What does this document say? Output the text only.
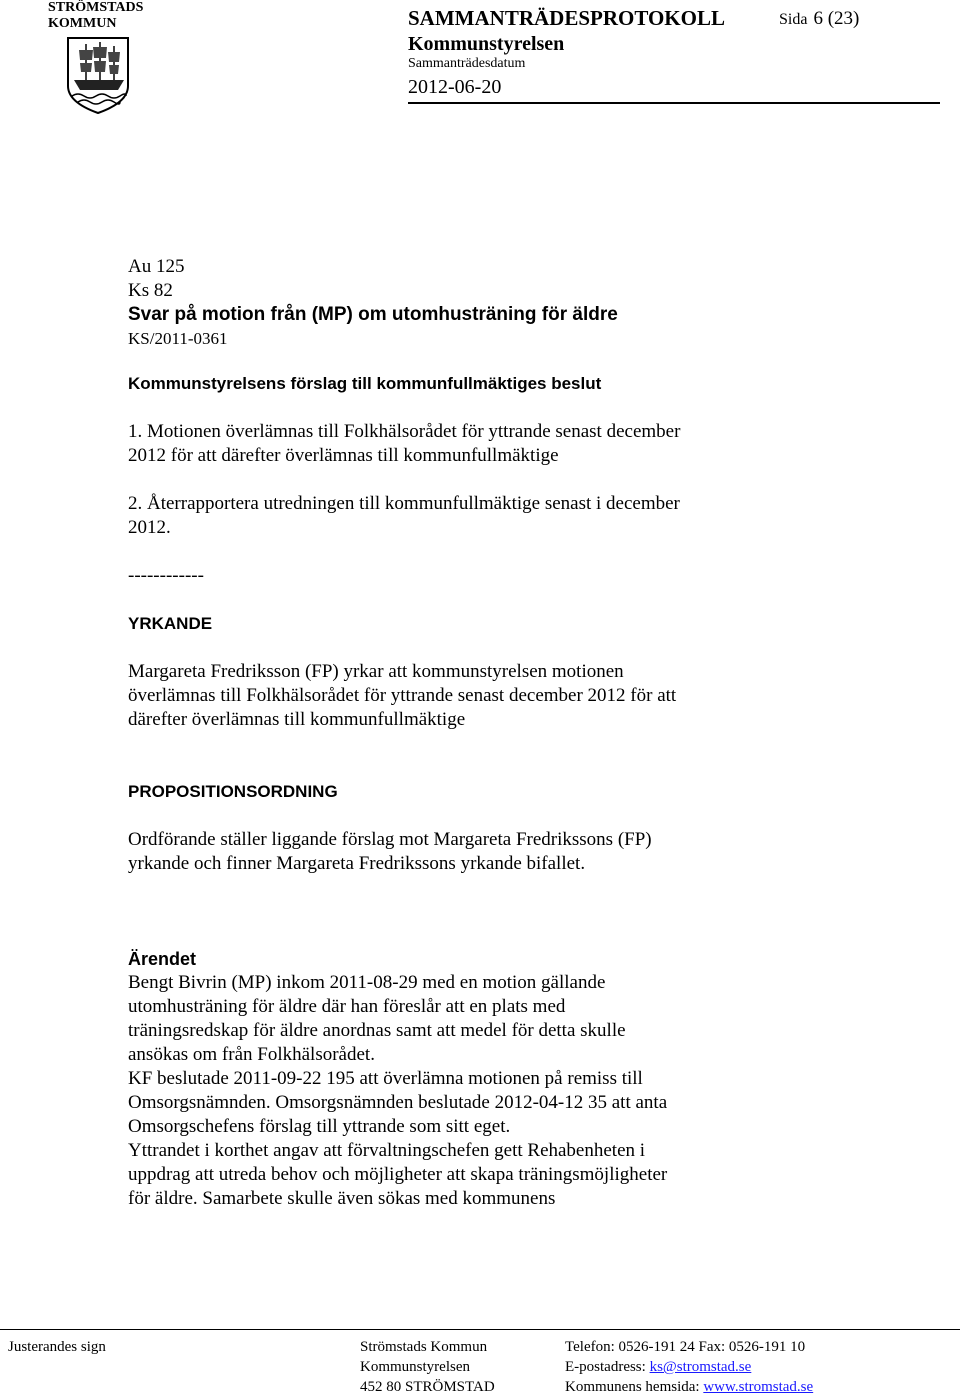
STRÖMSTADS
KOMMUN	SAMMANTRÄDESPROTOKOLL	Sida 6 (23)
Kommunstyrelsen
Sammanträdesdatum
2012-06-20
Au 125
Ks 82
Svar på motion från (MP) om utomhusträning för äldre
KS/2011-0361
Kommunstyrelsens förslag till kommunfullmäktiges beslut
1. Motionen överlämnas till Folkhälsorådet för yttrande senast december
2012 för att därefter överlämnas till kommunfullmäktige
2. Återrapportera utredningen till kommunfullmäktige senast i december
2012.
------------
YRKANDE
Margareta Fredriksson (FP) yrkar att kommunstyrelsen motionen
överlämnas till Folkhälsorådet för yttrande senast december 2012 för att
därefter överlämnas till kommunfullmäktige
PROPOSITIONSORDNING
Ordförande ställer liggande förslag mot Margareta Fredrikssons (FP)
yrkande och finner Margareta Fredrikssons yrkande bifallet.
Ärendet
Bengt Bivrin (MP) inkom 2011-08-29 med en motion gällande
utomhusträning för äldre där han föreslår att en plats med
träningsredskap för äldre anordnas samt att medel för detta skulle
ansökas om från Folkhälsorådet.
KF beslutade 2011-09-22 195 att överlämna motionen på remiss till
Omsorgsnämnden. Omsorgsnämnden beslutade 2012-04-12 35 att anta
Omsorgschefens förslag till yttrande som sitt eget.
Yttrandet i korthet angav att förvaltningschefen gett Rehabenheten i
uppdrag att utreda behov och möjligheter att skapa träningsmöjligheter
för äldre. Samarbete skulle även sökas med kommunens
Justerandes sign	Strömstads Kommun
Kommunstyrelsen
452 80 STRÖMSTAD
Telefon: 0526-191 24 Fax: 0526-191 10
E-postadress: ks@stromstad.se
Kommunens hemsida: www.stromstad.se
